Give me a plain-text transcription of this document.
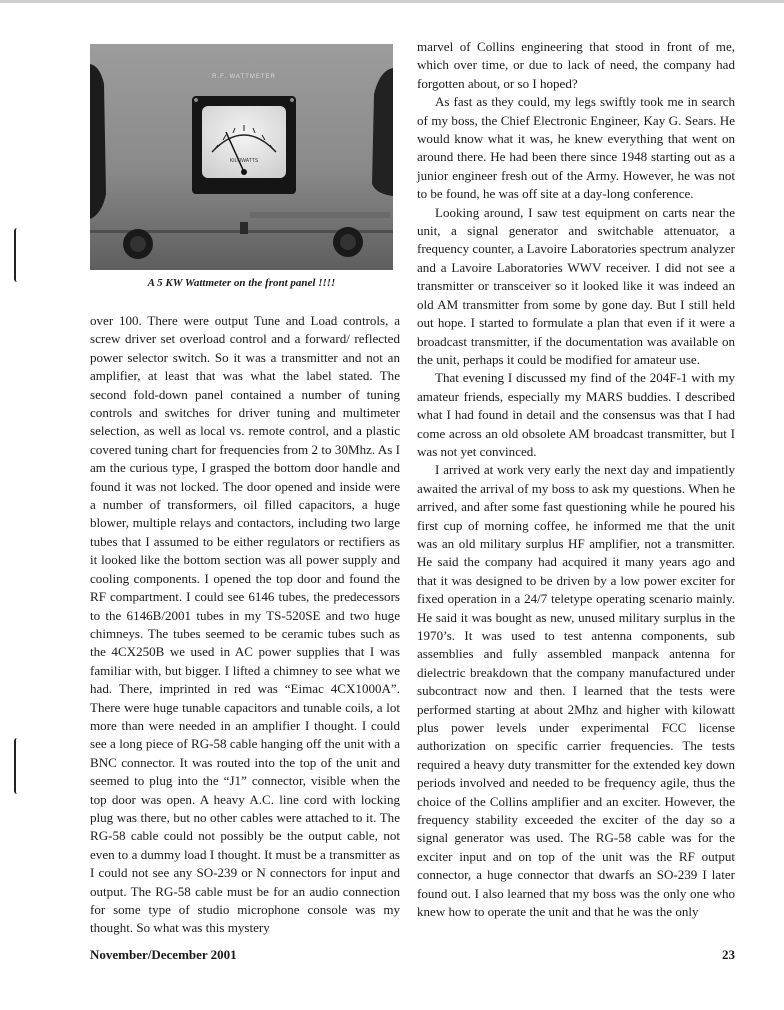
R.F. WATTMETER
KILOWATTS
A 5 KW Wattmeter on the front panel !!!!

over 100. There were output Tune and Load controls, a screw driver set overload control and a forward/ reflected power selector switch. So it was a transmitter and not an amplifier, at least that was what the label stated. The second fold-down panel contained a number of tuning controls and switches for driver tuning and multimeter selection, as well as local vs. remote control, and a plastic covered tuning chart for frequencies from 2 to 30Mhz. As I am the curious type, I grasped the bottom door handle and found it was not locked. The door opened and inside were a number of transformers, oil filled capacitors, a huge blower, multiple relays and contactors, including two large tubes that I assumed to be either regulators or rectifiers as it looked like the bottom section was all power supply and cooling components. I opened the top door and found the RF compartment. I could see 6146 tubes, the predecessors to the 6146B/2001 tubes in my TS-520SE and two huge chimneys. The tubes seemed to be ceramic tubes such as the 4CX250B we used in AC power supplies that I was familiar with, but bigger. I lifted a chimney to see what we had. There, imprinted in red was “Eimac 4CX1000A”. There were huge tunable capacitors and tunable coils, a lot more than were needed in an amplifier I thought. I could see a long piece of RG-58 cable hanging off the unit with a BNC connector. It was routed into the top of the unit and seemed to plug into the “J1” connector, visible when the top door was open. A heavy A.C. line cord with locking plug was there, but no other cables were attached to it. The RG-58 cable could not possibly be the output cable, not even to a dummy load I thought. It must be a transmitter as I could not see any SO-239 or N connectors for input and output. The RG-58 cable must be for an audio connection for some type of studio microphone console was my thought. So what was this mystery

marvel of Collins engineering that stood in front of me, which over time, or due to lack of need, the company had forgotten about, or so I hoped?

As fast as they could, my legs swiftly took me in search of my boss, the Chief Electronic Engineer, Kay G. Sears. He would know what it was, he knew everything that went on around there. He had been there since 1948 starting out as a junior engineer fresh out of the Army. However, he was not to be found, he was off site at a day-long conference.

Looking around, I saw test equipment on carts near the unit, a signal generator and switchable attenuator, a frequency counter, a Lavoire Laboratories spectrum analyzer and a Lavoire Laboratories WWV receiver. I did not see a transmitter or transceiver so it looked like it was indeed an old AM transmitter from some by gone day. But I still held out hope. I started to formulate a plan that even if it were a broadcast transmitter, if the documentation was available on the unit, perhaps it could be modified for amateur use.

That evening I discussed my find of the 204F-1 with my amateur friends, especially my MARS buddies. I described what I had found in detail and the consensus was that I had come across an old obsolete AM broadcast transmitter, but I was not yet convinced.

I arrived at work very early the next day and impatiently awaited the arrival of my boss to ask my questions. When he arrived, and after some fast questioning while he poured his first cup of morning coffee, he informed me that the unit was an old military surplus HF amplifier, not a transmitter. He said the company had acquired it many years ago and that it was designed to be driven by a low power exciter for fixed operation in a 24/7 teletype operating scenario mainly. He said it was bought as new, unused military surplus in the 1970’s. It was used to test antenna components, sub assemblies and fully assembled manpack antenna for dielectric breakdown that the company manufactured under subcontract now and then. I learned that the tests were performed starting at about 2Mhz and higher with kilowatt plus power levels under experimental FCC license authorization on specific carrier frequencies. The tests required a heavy duty transmitter for the extended key down periods involved and needed to be frequency agile, thus the choice of the Collins amplifier and an exciter. However, the frequency stability exceeded the exciter of the day so a signal generator was used. The RG-58 cable was for the exciter input and on top of the unit was the RF output connector, a huge connector that dwarfs an SO-239 I later found out. I also learned that my boss was the only one who knew how to operate the unit and that he was the only

November/December 2001	23
